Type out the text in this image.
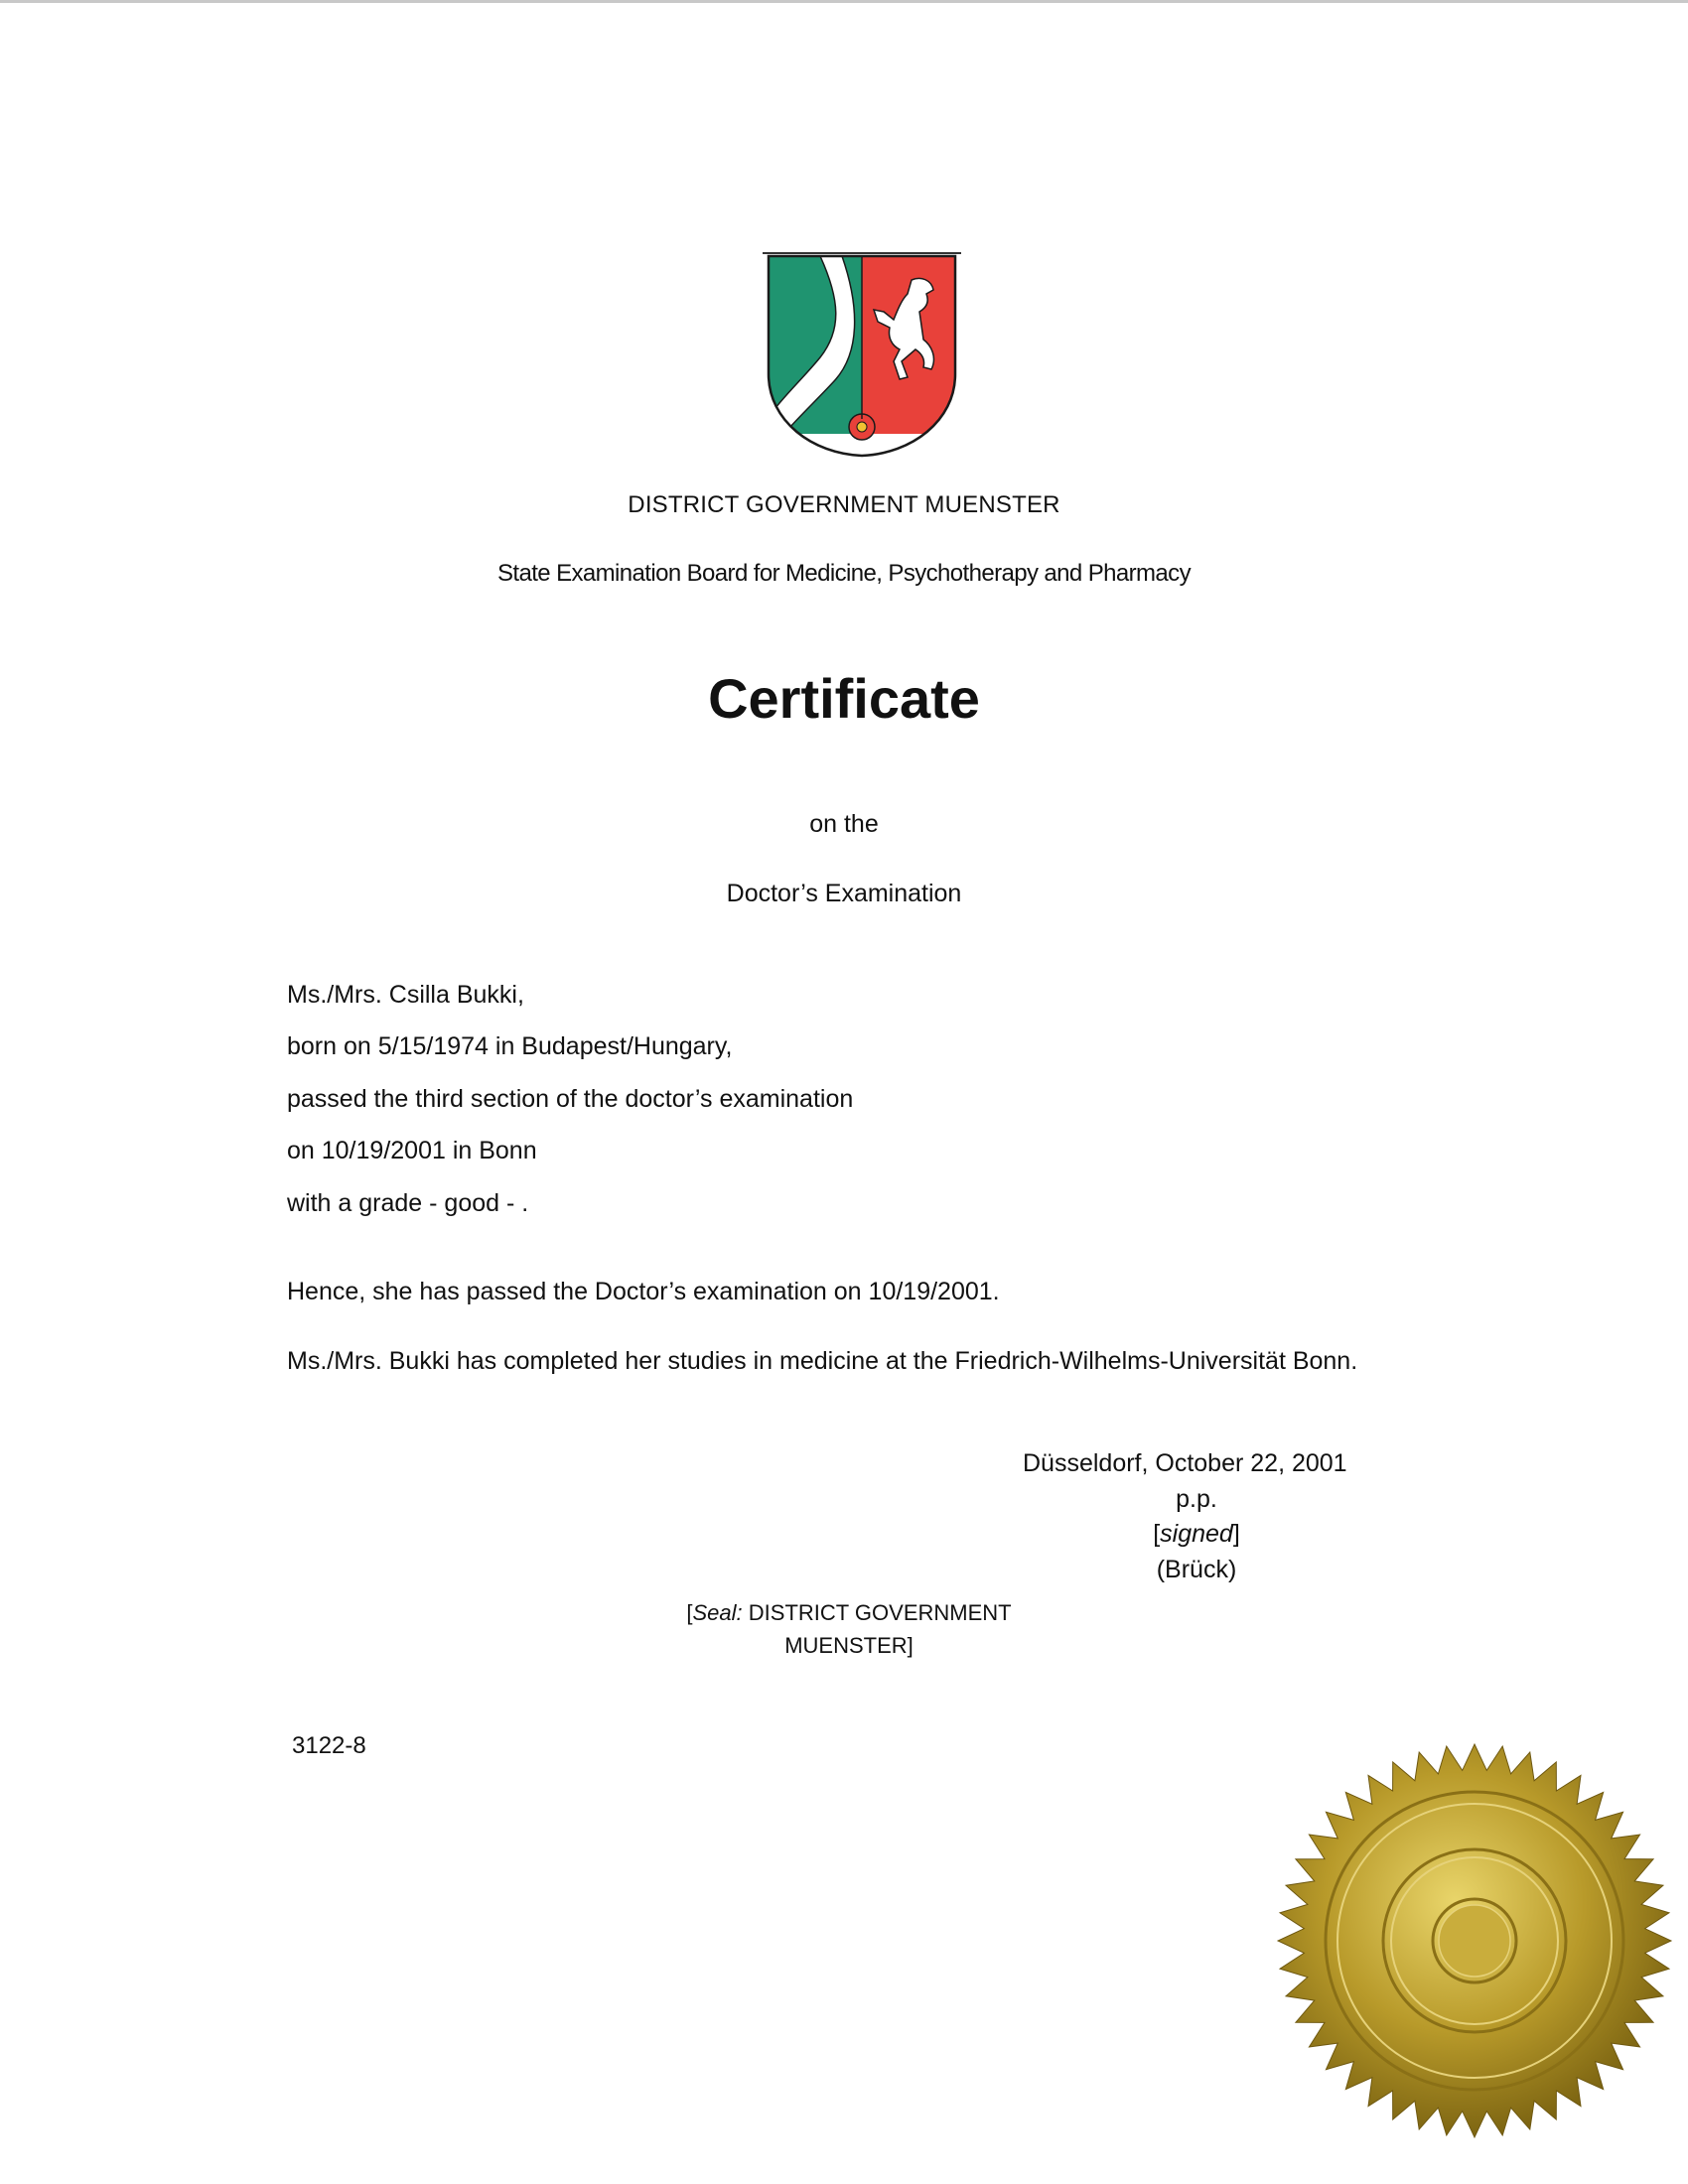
DISTRICT GOVERNMENT MUENSTER
State Examination Board for Medicine, Psychotherapy and Pharmacy
Certificate
on the
Doctor’s Examination
Ms./Mrs. Csilla Bukki,
born on 5/15/1974 in Budapest/Hungary,
passed the third section of the doctor’s examination
on 10/19/2001 in Bonn
with a grade - good - .
Hence, she has passed the Doctor’s examination on 10/19/2001.
Ms./Mrs. Bukki has completed her studies in medicine at the Friedrich-Wilhelms-Universität Bonn.
Düsseldorf, October 22, 2001
p.p.
[signed]
(Brück)
[Seal: DISTRICT GOVERNMENT
MUENSTER]
3122-8
